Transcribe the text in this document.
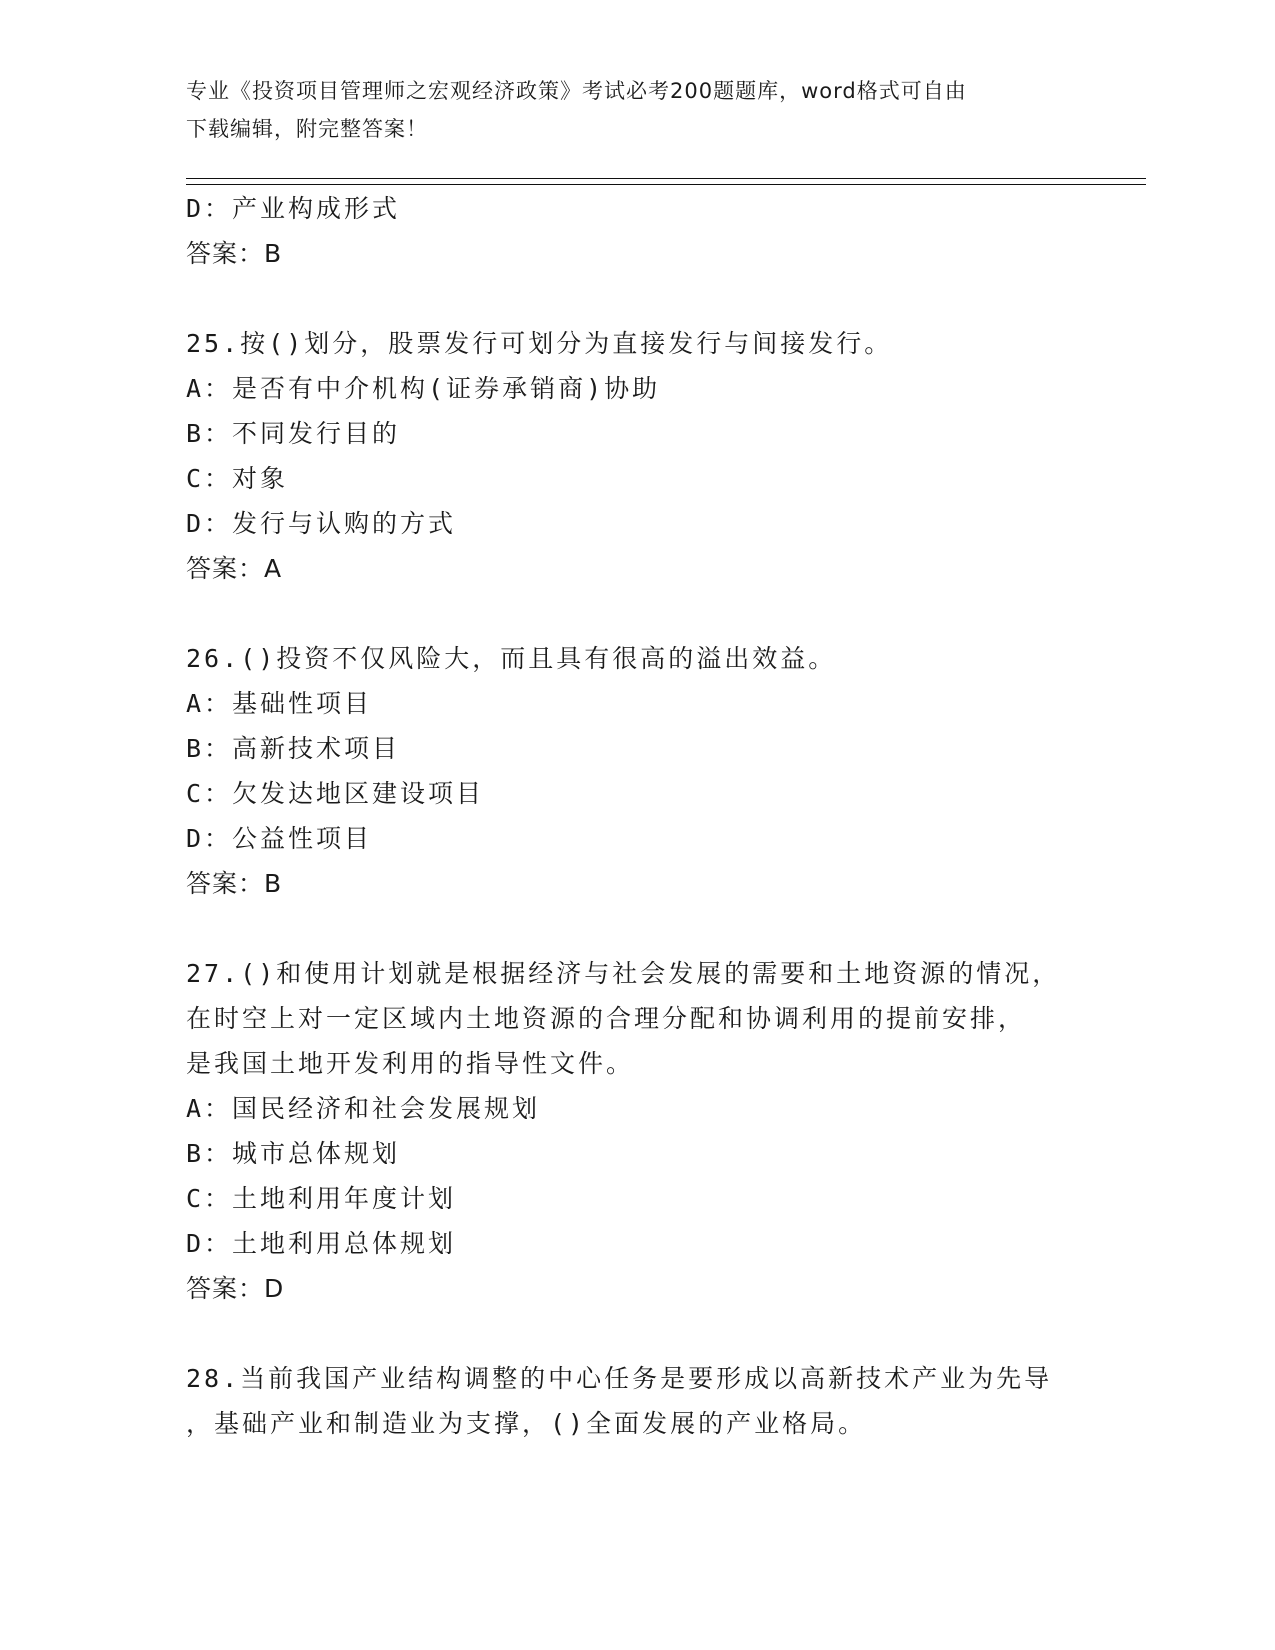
专业《投资项目管理师之宏观经济政策》考试必考200题题库，word格式可自由
下载编辑，附完整答案！
D：产业构成形式
答案：B
25.按()划分，股票发行可划分为直接发行与间接发行。
A：是否有中介机构(证券承销商)协助
B：不同发行目的
C：对象
D：发行与认购的方式
答案：A
26.()投资不仅风险大，而且具有很高的溢出效益。
A：基础性项目
B：高新技术项目
C：欠发达地区建设项目
D：公益性项目
答案：B
27.()和使用计划就是根据经济与社会发展的需要和土地资源的情况，
在时空上对一定区域内土地资源的合理分配和协调利用的提前安排，
是我国土地开发利用的指导性文件。
A：国民经济和社会发展规划
B：城市总体规划
C：土地利用年度计划
D：土地利用总体规划
答案：D
28.当前我国产业结构调整的中心任务是要形成以高新技术产业为先导
，基础产业和制造业为支撑，()全面发展的产业格局。
